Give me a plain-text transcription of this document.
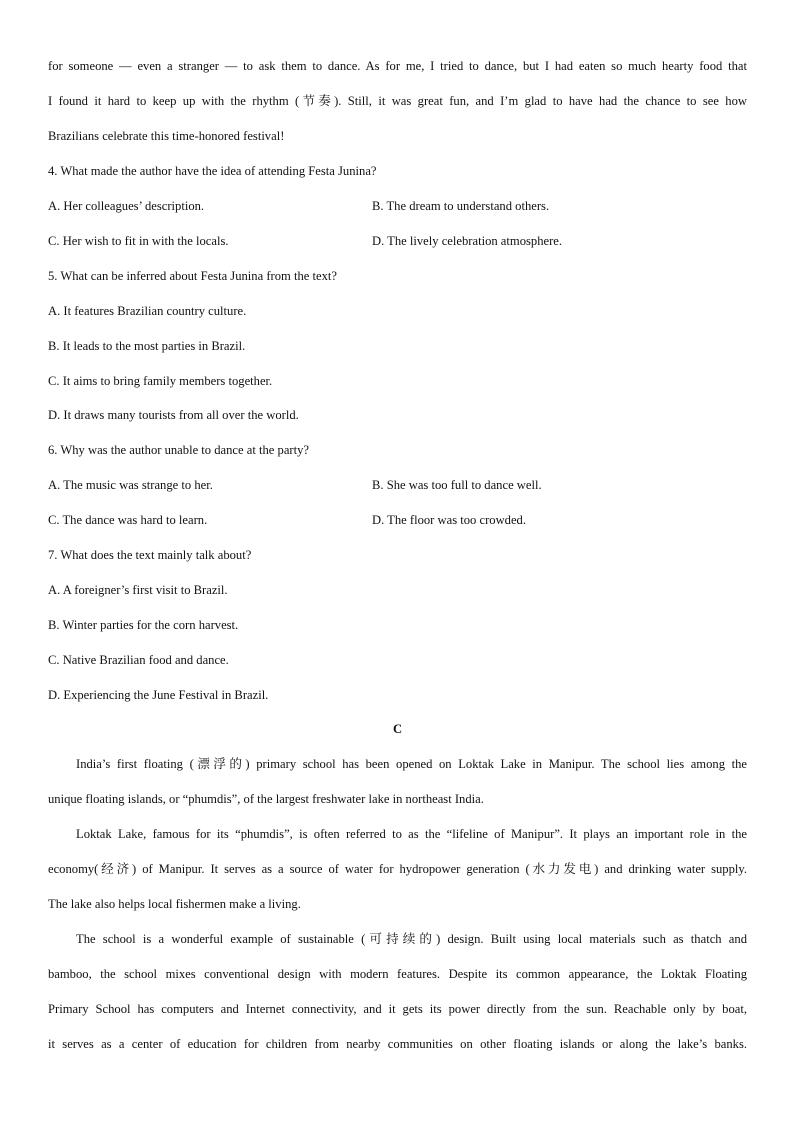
for someone — even a stranger — to ask them to dance. As for me, I tried to dance, but I had eaten so much hearty food that
I found it hard to keep up with the rhythm (节奏). Still, it was great fun, and I’m glad to have had the chance to see how
Brazilians celebrate this time-honored festival!
4. What made the author have the idea of attending Festa Junina?
A. Her colleagues’ description.	B. The dream to understand others.
C. Her wish to fit in with the locals.	D. The lively celebration atmosphere.
5. What can be inferred about Festa Junina from the text?
A. It features Brazilian country culture.
B. It leads to the most parties in Brazil.
C. It aims to bring family members together.
D. It draws many tourists from all over the world.
6. Why was the author unable to dance at the party?
A. The music was strange to her.	B. She was too full to dance well.
C. The dance was hard to learn.	D. The floor was too crowded.
7. What does the text mainly talk about?
A. A foreigner’s first visit to Brazil.
B. Winter parties for the corn harvest.
C. Native Brazilian food and dance.
D. Experiencing the June Festival in Brazil.
C
India’s first floating (漂浮的) primary school has been opened on Loktak Lake in Manipur. The school lies among the
unique floating islands, or “phumdis”, of the largest freshwater lake in northeast India.
Loktak Lake, famous for its “phumdis”, is often referred to as the “lifeline of Manipur”. It plays an important role in the
economy(经济) of Manipur. It serves as a source of water for hydropower generation (水力发电) and drinking water supply.
The lake also helps local fishermen make a living.
The school is a wonderful example of sustainable (可持续的) design. Built using local materials such as thatch and
bamboo, the school mixes conventional design with modern features. Despite its common appearance, the Loktak Floating
Primary School has computers and Internet connectivity, and it gets its power directly from the sun. Reachable only by boat,
it serves as a center of education for children from nearby communities on other floating islands or along the lake’s banks.
